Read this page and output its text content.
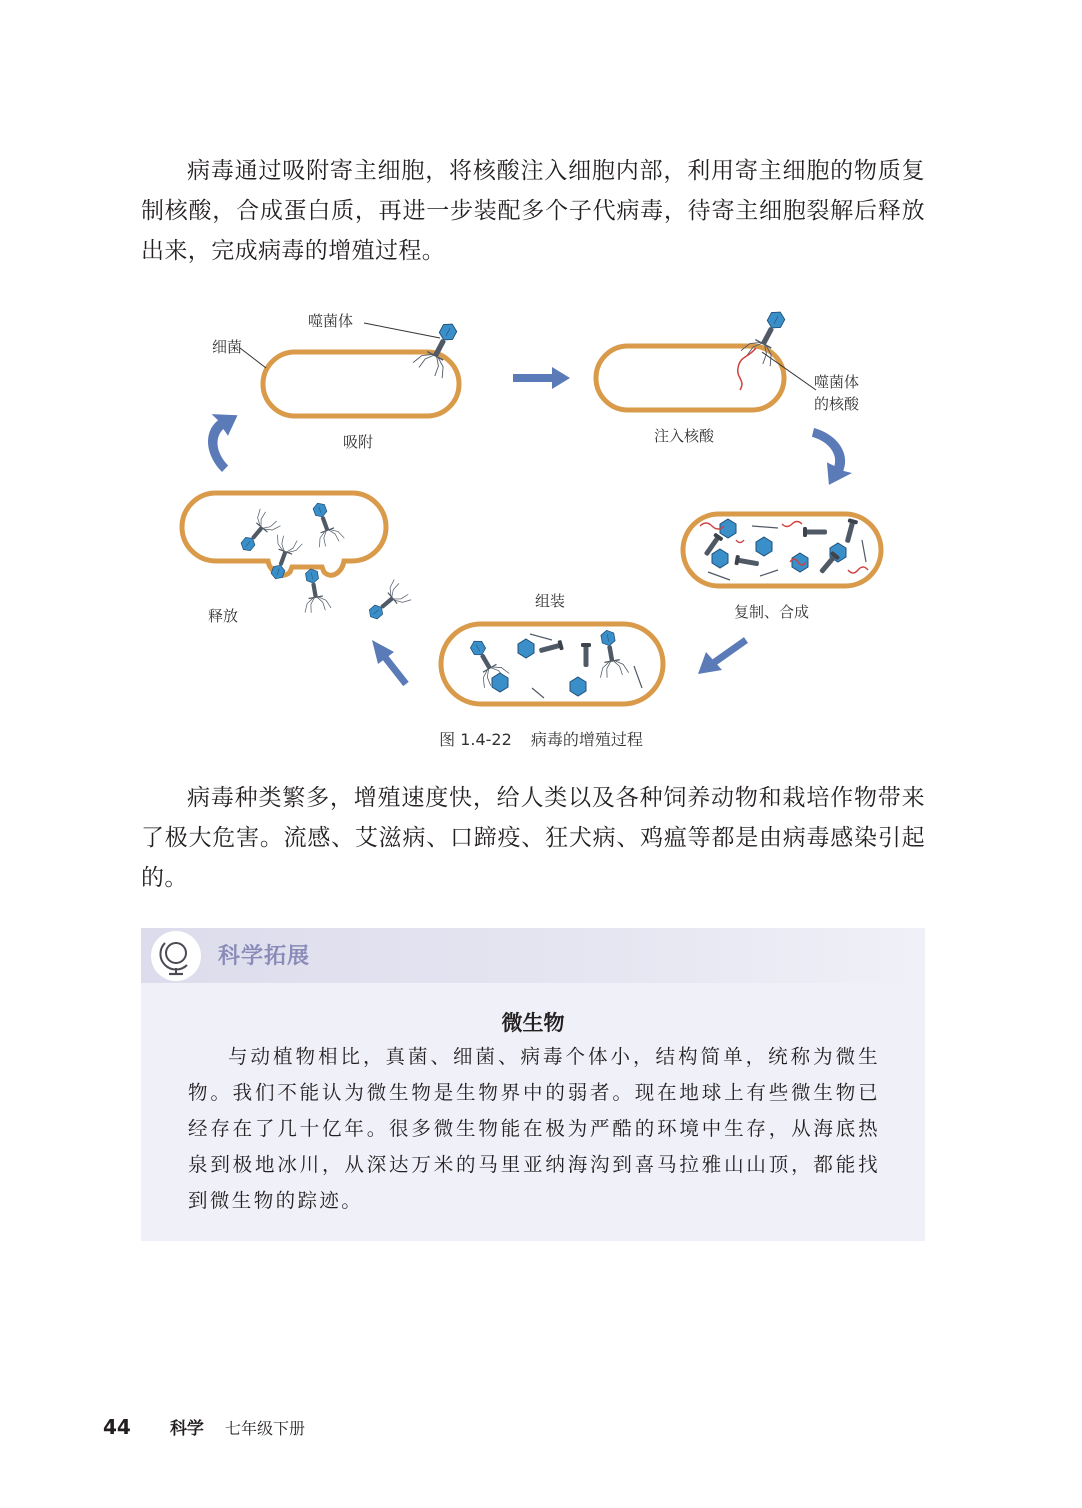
病毒通过吸附寄主细胞，将核酸注入细胞内部，利用寄主细胞的物质复制核酸，合成蛋白质，再进一步装配多个子代病毒，待寄主细胞裂解后释放出来，完成病毒的增殖过程。

噬菌体
细菌
吸附
噬菌体
的核酸
注入核酸
复制、合成
组装
释放
图 1.4-22 病毒的增殖过程

病毒种类繁多，增殖速度快，给人类以及各种饲养动物和栽培作物带来了极大危害。流感、艾滋病、口蹄疫、狂犬病、鸡瘟等都是由病毒感染引起的。

科学拓展
微生物

与动植物相比，真菌、细菌、病毒个体小，结构简单，统称为微生物。我们不能认为微生物是生物界中的弱者。现在地球上有些微生物已经存在了几十亿年。很多微生物能在极为严酷的环境中生存，从海底热泉到极地冰川，从深达万米的马里亚纳海沟到喜马拉雅山山顶，都能找到微生物的踪迹。

44 科学 七年级下册
